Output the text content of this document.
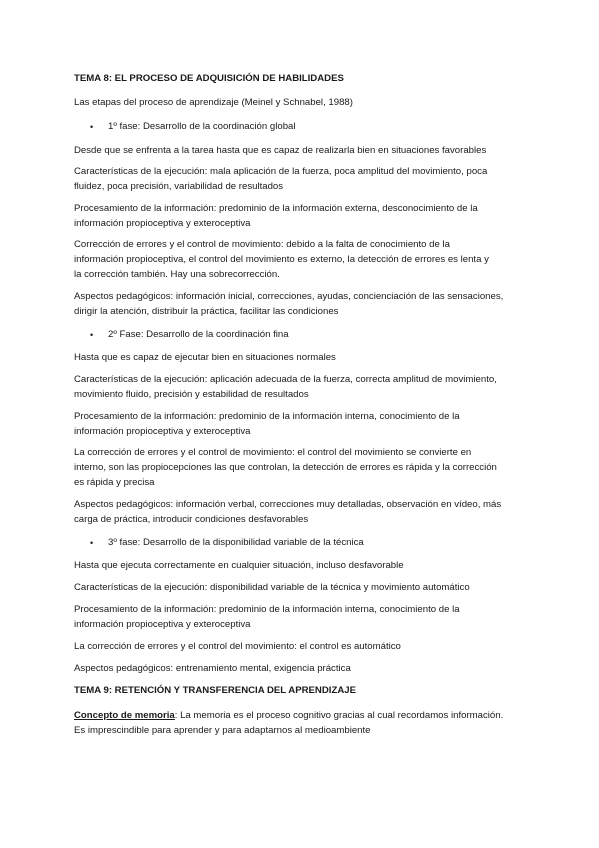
TEMA 8: EL PROCESO DE ADQUISICIÓN DE HABILIDADES

Las etapas del proceso de aprendizaje (Meinel y Schnabel, 1988)

• 1º fase: Desarrollo de la coordinación global

Desde que se enfrenta a la tarea hasta que es capaz de realizarla bien en situaciones favorables

Características de la ejecución: mala aplicación de la fuerza, poca amplitud del movimiento, poca

fluidez, poca precisión, variabilidad de resultados

Procesamiento de la información: predominio de la información externa, desconocimiento de la

información propioceptiva y exteroceptiva

Corrección de errores y el control de movimiento: debido a la falta de conocimiento de la

información propioceptiva, el control del movimiento es externo, la detección de errores es lenta y

la corrección también. Hay una sobrecorrección.

Aspectos pedagógicos: información inicial, correcciones, ayudas, concienciación de las sensaciones,

dirigir la atención, distribuir la práctica, facilitar las condiciones

• 2º Fase: Desarrollo de la coordinación fina

Hasta que es capaz de ejecutar bien en situaciones normales

Características de la ejecución: aplicación adecuada de la fuerza, correcta amplitud de movimiento,

movimiento fluido, precisión y estabilidad de resultados

Procesamiento de la información: predominio de la información interna, conocimiento de la

información propioceptiva y exteroceptiva

La corrección de errores y el control de movimiento: el control del movimiento se convierte en

interno, son las propiocepciones las que controlan, la detección de errores es rápida y la corrección

es rápida y precisa

Aspectos pedagógicos: información verbal, correcciones muy detalladas, observación en vídeo, más

carga de práctica, introducir condiciones desfavorables

• 3º fase: Desarrollo de la disponibilidad variable de la técnica

Hasta que ejecuta correctamente en cualquier situación, incluso desfavorable

Características de la ejecución: disponibilidad variable de la técnica y movimiento automático

Procesamiento de la información: predominio de la información interna, conocimiento de la

información propioceptiva y exteroceptiva

La corrección de errores y el control del movimiento: el control es automático

Aspectos pedagógicos: entrenamiento mental, exigencia práctica

TEMA 9: RETENCIÓN Y TRANSFERENCIA DEL APRENDIZAJE

Concepto de memoria: La memoria es el proceso cognitivo gracias al cual recordamos información.

Es imprescindible para aprender y para adaptarnos al medioambiente
